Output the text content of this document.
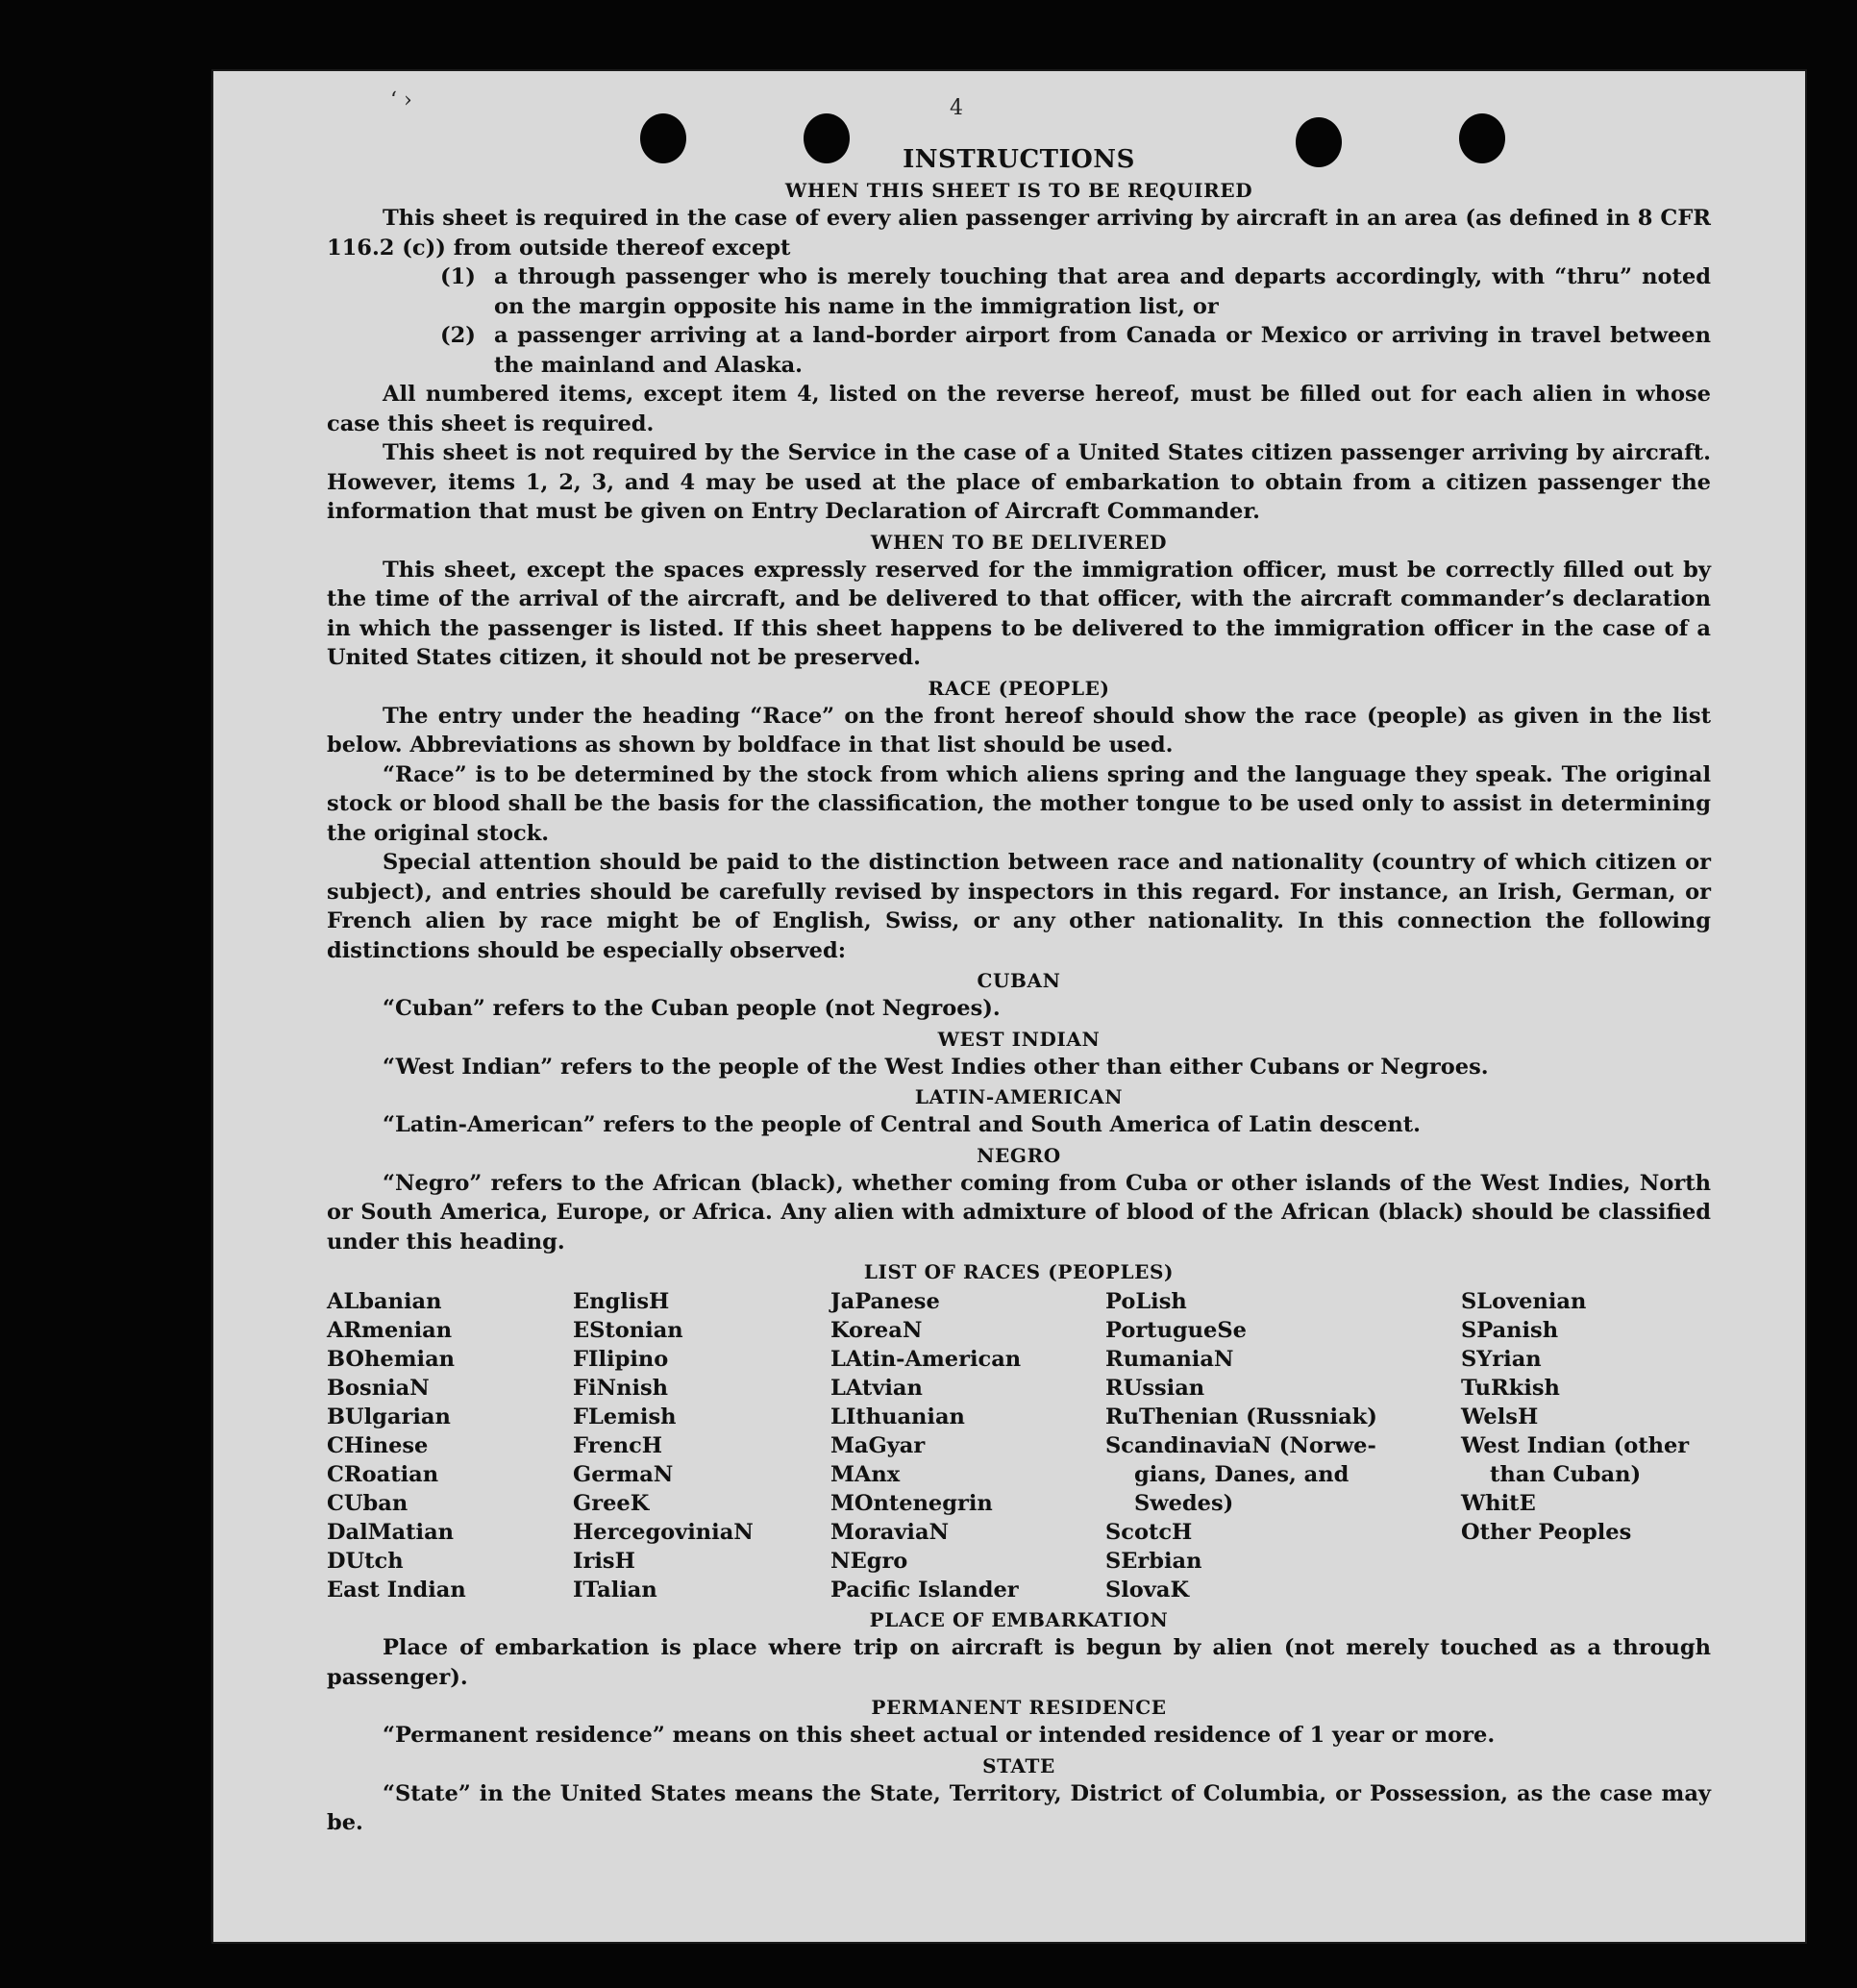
‘ ›	4
INSTRUCTIONS
WHEN THIS SHEET IS TO BE REQUIRED

This sheet is required in the case of every alien passenger arriving by aircraft in an area (as defined in 8 CFR 116.2 (c)) from outside thereof except

(1) a through passenger who is merely touching that area and departs accordingly, with “thru” noted on the margin opposite his name in the immigration list, or
(2) a passenger arriving at a land-border airport from Canada or Mexico or arriving in travel between the mainland and Alaska.

All numbered items, except item 4, listed on the reverse hereof, must be filled out for each alien in whose case this sheet is required.

This sheet is not required by the Service in the case of a United States citizen passenger arriving by aircraft. However, items 1, 2, 3, and 4 may be used at the place of embarkation to obtain from a citizen passenger the information that must be given on Entry Declaration of Aircraft Commander.

WHEN TO BE DELIVERED

This sheet, except the spaces expressly reserved for the immigration officer, must be correctly filled out by the time of the arrival of the aircraft, and be delivered to that officer, with the aircraft commander’s declaration in which the passenger is listed. If this sheet happens to be delivered to the immigration officer in the case of a United States citizen, it should not be preserved.

RACE (PEOPLE)

The entry under the heading “Race” on the front hereof should show the race (people) as given in the list below. Abbreviations as shown by boldface in that list should be used.

“Race” is to be determined by the stock from which aliens spring and the language they speak. The original stock or blood shall be the basis for the classification, the mother tongue to be used only to assist in determining the original stock.

Special attention should be paid to the distinction between race and nationality (country of which citizen or subject), and entries should be carefully revised by inspectors in this regard. For instance, an Irish, German, or French alien by race might be of English, Swiss, or any other nationality. In this connection the following distinctions should be especially observed:

CUBAN

“Cuban” refers to the Cuban people (not Negroes).

WEST INDIAN

“West Indian” refers to the people of the West Indies other than either Cubans or Negroes.

LATIN-AMERICAN

“Latin-American” refers to the people of Central and South America of Latin descent.

NEGRO

“Negro” refers to the African (black), whether coming from Cuba or other islands of the West Indies, North or South America, Europe, or Africa. Any alien with admixture of blood of the African (black) should be classified under this heading.

LIST OF RACES (PEOPLES)
ALbanian
ARmenian
BOhemian
BosniaN
BUlgarian
CHinese
CRoatian
CUban
DalMatian
DUtch
East Indian
EnglisH
EStonian
FIlipino
FiNnish
FLemish
FrencH
GermaN
GreeK
HercegoviniaN
IrisH
ITalian
JaPanese
KoreaN
LAtin-American
LAtvian
LIthuanian
MaGyar
MAnx
MOntenegrin
MoraviaN
NEgro
Pacific Islander
PoLish
PortugueSe
RumaniaN
RUssian
RuThenian (Russniak)
ScandinaviaN (Norwe-
gians, Danes, and
Swedes)
ScotcH
SErbian
SlovaK
SLovenian
SPanish
SYrian
TuRkish
WelsH
West Indian (other
than Cuban)
WhitE
Other Peoples
PLACE OF EMBARKATION

Place of embarkation is place where trip on aircraft is begun by alien (not merely touched as a through passenger).

PERMANENT RESIDENCE

“Permanent residence” means on this sheet actual or intended residence of 1 year or more.

STATE

“State” in the United States means the State, Territory, District of Columbia, or Possession, as the case may be.
